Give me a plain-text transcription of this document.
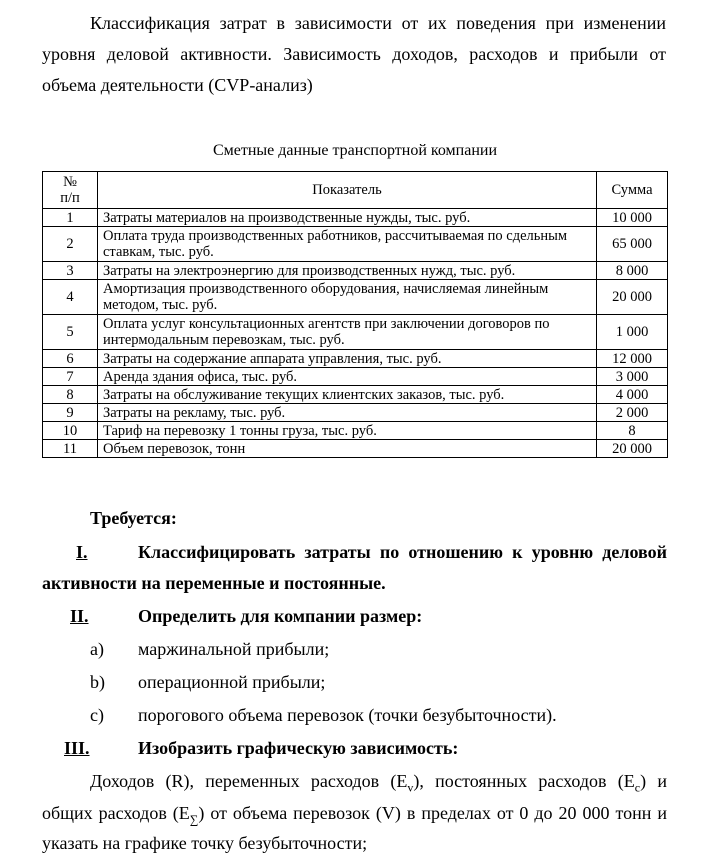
Классификация затрат в зависимости от их поведения при изменении уровня деловой активности. Зависимость доходов, расходов и прибыли от объема деятельности (CVP-анализ)

Сметные данные транспортной компании

№
п/п	Показатель	Сумма
1	Затраты материалов на производственные нужды, тыс. руб.	10 000
2	Оплата труда производственных работников, рассчитываемая по сдельным ставкам, тыс. руб.	65 000
3	Затраты на электроэнергию для производственных нужд, тыс. руб.	8 000
4	Амортизация производственного оборудования, начисляемая линейным методом, тыс. руб.	20 000
5	Оплата услуг консультационных агентств при заключении договоров по интермодальным перевозкам, тыс. руб.	1 000
6	Затраты на содержание аппарата управления, тыс. руб.	12 000
7	Аренда здания офиса, тыс. руб.	3 000
8	Затраты на обслуживание текущих клиентских заказов, тыс. руб.	4 000
9	Затраты на рекламу, тыс. руб.	2 000
10	Тариф на перевозку 1 тонны груза, тыс. руб.	8
11	Объем перевозок, тонн	20 000
Требуется:
I.	Классифицировать затраты по отношению к уровню деловой
активности на переменные и постоянные.
II.	Определить для компании размер:
a) маржинальной прибыли;
b) операционной прибыли;
c) порогового объема перевозок (точки безубыточности).
III.	Изобразить графическую зависимость:
Доходов (R), переменных расходов $(E_v)$, постоянных расходов $(E_c)$ и
общих расходов $(E_\sum)$ от объема перевозок (V) в пределах от 0 до 20 000 тонн и
указать на графике точку безубыточности;
